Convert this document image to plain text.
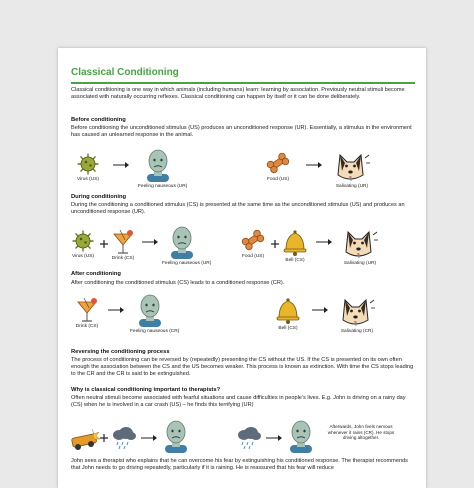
Classical Conditioning
Classical conditioning is one way in which animals (including humans) learn: learning by association. Previously neutral stimuli become associated with naturally occurring reflexes. Classical conditioning can happen by itself or it can be done deliberately.
Before conditioning
Before conditioning the unconditioned stimulus (US) produces an unconditioned response (UR). Essentially, a stimulus in the environment has caused an unlearned response in the animal.
Virus (US)
Feeling nauseous (UR)
Food (US)
Salivating (UR)
During conditioning
During the conditioning a conditioned stimulus (CS) is presented at the same time as the unconditioned stimulus (US) and produces an unconditioned response (UR).
Virus (US)	Drink (CS)
Feeling nauseous (UR)
Food (US)
Bell (CS)
Salivating (UR)
After conditioning
After conditioning the conditioned stimulus (CS) leads to a conditioned response (CR).
Drink (CS)
Feeling nauseous (CR)
Bell (CS)
Salivating (CR)
Reversing the conditioning process
The process of conditioning can be reversed by (repeatedly) presenting the CS without the US. If the CS is presented on its own often enough the association between the CS and the US becomes weaker. This process is known as extinction. With time the CS stops leading to the CR and the CR is said to be extinguished.
Why is classical conditioning important to therapists?
Often neutral stimuli become associated with fearful situations and cause difficulties in people's lives. E.g. John is driving on a rainy day (CS) when he is involved in a car crash (US) – he finds this terrifying (UR)
Afterwards, John feels nervous whenever it rains (CR). He stops driving altogether.
John sees a therapist who explains that he can overcome his fear by extinguishing his conditioned response. The therapist recommends that John needs to go driving repeatedly, particularly if it is raining. He is reassured that his fear will reduce
